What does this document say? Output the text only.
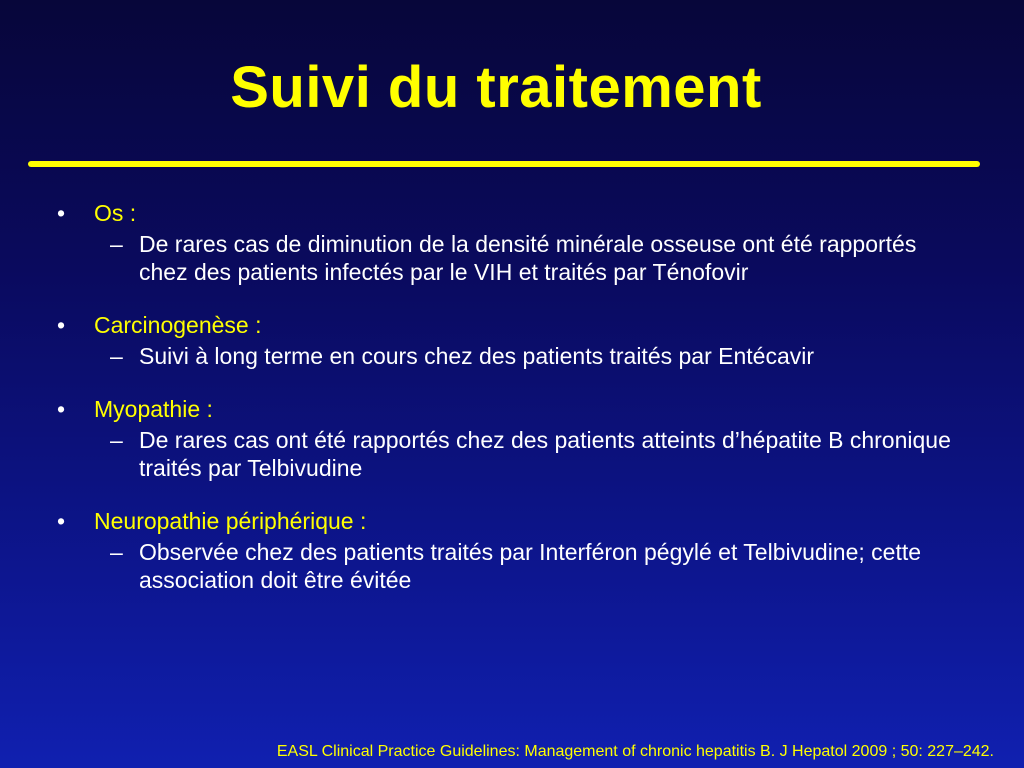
Suivi du traitement
• Os :
– De rares cas de diminution de la densité minérale osseuse ont été rapportés chez des patients infectés par le VIH et traités par Ténofovir
• Carcinogenèse :
– Suivi à long terme en cours chez des patients traités par Entécavir
• Myopathie :
– De rares cas ont été rapportés chez des patients atteints d’hépatite B chronique traités par Telbivudine
• Neuropathie périphérique :
– Observée chez des patients traités par Interféron pégylé et Telbivudine; cette association doit être évitée
EASL Clinical Practice Guidelines: Management of chronic hepatitis B. J Hepatol 2009 ; 50: 227–242.
